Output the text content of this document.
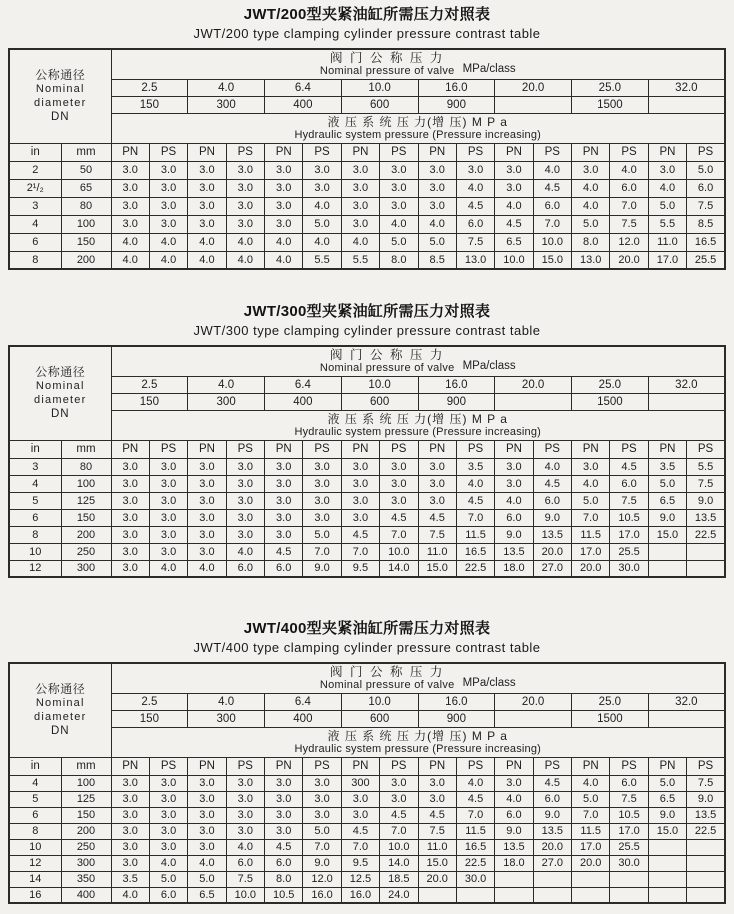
JWT/200型夹紧油缸所需压力对照表
JWT/200 type clamping cylinder pressure contrast table
公称通径
Nominal
diameter
DN

阀 门 公 称 压 力
Nominal pressure of valve MPa/class

		2.5		4.0		6.4		10.0		16.0		20.0		25.0		32.0	
		150		300		400		600		900				1500			

		液 压 系 统 压 力(增 压) M P a
Hydraulic system pressure (Pressure increasing)															

in	mm	PN	PS	PN	PS	PN	PS	PN	PS	PN	PS	PN	PS	PN	PS	PN	PS
2	50	3.0	3.0	3.0	3.0	3.0	3.0	3.0	3.0	3.0	3.0	3.0	4.0	3.0	4.0	3.0	5.0
2¹/₂	65	3.0	3.0	3.0	3.0	3.0	3.0	3.0	3.0	3.0	4.0	3.0	4.5	4.0	6.0	4.0	6.0
3	80	3.0	3.0	3.0	3.0	3.0	4.0	3.0	3.0	3.0	4.5	4.0	6.0	4.0	7.0	5.0	7.5
4	100	3.0	3.0	3.0	3.0	3.0	5.0	3.0	4.0	4.0	6.0	4.5	7.0	5.0	7.5	5.5	8.5
6	150	4.0	4.0	4.0	4.0	4.0	4.0	4.0	5.0	5.0	7.5	6.5	10.0	8.0	12.0	11.0	16.5
8	200	4.0	4.0	4.0	4.0	4.0	5.5	5.5	8.0	8.5	13.0	10.0	15.0	13.0	20.0	17.0	25.5
JWT/300型夹紧油缸所需压力对照表
JWT/300 type clamping cylinder pressure contrast table
公称通径
Nominal
diameter
DN

阀 门 公 称 压 力
Nominal pressure of valve MPa/class

		2.5		4.0		6.4		10.0		16.0		20.0		25.0		32.0	
		150		300		400		600		900				1500			

		液 压 系 统 压 力(增 压) M P a
Hydraulic system pressure (Pressure increasing)															

in	mm	PN	PS	PN	PS	PN	PS	PN	PS	PN	PS	PN	PS	PN	PS	PN	PS
3	80	3.0	3.0	3.0	3.0	3.0	3.0	3.0	3.0	3.0	3.5	3.0	4.0	3.0	4.5	3.5	5.5
4	100	3.0	3.0	3.0	3.0	3.0	3.0	3.0	3.0	3.0	4.0	3.0	4.5	4.0	6.0	5.0	7.5
5	125	3.0	3.0	3.0	3.0	3.0	3.0	3.0	3.0	3.0	4.5	4.0	6.0	5.0	7.5	6.5	9.0
6	150	3.0	3.0	3.0	3.0	3.0	3.0	3.0	4.5	4.5	7.0	6.0	9.0	7.0	10.5	9.0	13.5
8	200	3.0	3.0	3.0	3.0	3.0	5.0	4.5	7.0	7.5	11.5	9.0	13.5	11.5	17.0	15.0	22.5
10	250	3.0	3.0	3.0	4.0	4.5	7.0	7.0	10.0	11.0	16.5	13.5	20.0	17.0	25.5		
12	300	3.0	4.0	4.0	6.0	6.0	9.0	9.5	14.0	15.0	22.5	18.0	27.0	20.0	30.0		
JWT/400型夹紧油缸所需压力对照表
JWT/400 type clamping cylinder pressure contrast table
公称通径
Nominal
diameter
DN

阀 门 公 称 压 力
Nominal pressure of valve MPa/class

		2.5		4.0		6.4		10.0		16.0		20.0		25.0		32.0	
		150		300		400		600		900				1500			

		液 压 系 统 压 力(增 压) M P a
Hydraulic system pressure (Pressure increasing)															

in	mm	PN	PS	PN	PS	PN	PS	PN	PS	PN	PS	PN	PS	PN	PS	PN	PS
4	100	3.0	3.0	3.0	3.0	3.0	3.0	300	3.0	3.0	4.0	3.0	4.5	4.0	6.0	5.0	7.5
5	125	3.0	3.0	3.0	3.0	3.0	3.0	3.0	3.0	3.0	4.5	4.0	6.0	5.0	7.5	6.5	9.0
6	150	3.0	3.0	3.0	3.0	3.0	3.0	3.0	4.5	4.5	7.0	6.0	9.0	7.0	10.5	9.0	13.5
8	200	3.0	3.0	3.0	3.0	3.0	5.0	4.5	7.0	7.5	11.5	9.0	13.5	11.5	17.0	15.0	22.5
10	250	3.0	3.0	3.0	4.0	4.5	7.0	7.0	10.0	11.0	16.5	13.5	20.0	17.0	25.5		
12	300	3.0	4.0	4.0	6.0	6.0	9.0	9.5	14.0	15.0	22.5	18.0	27.0	20.0	30.0		
14	350	3.5	5.0	5.0	7.5	8.0	12.0	12.5	18.5	20.0	30.0						
16	400	4.0	6.0	6.5	10.0	10.5	16.0	16.0	24.0								
